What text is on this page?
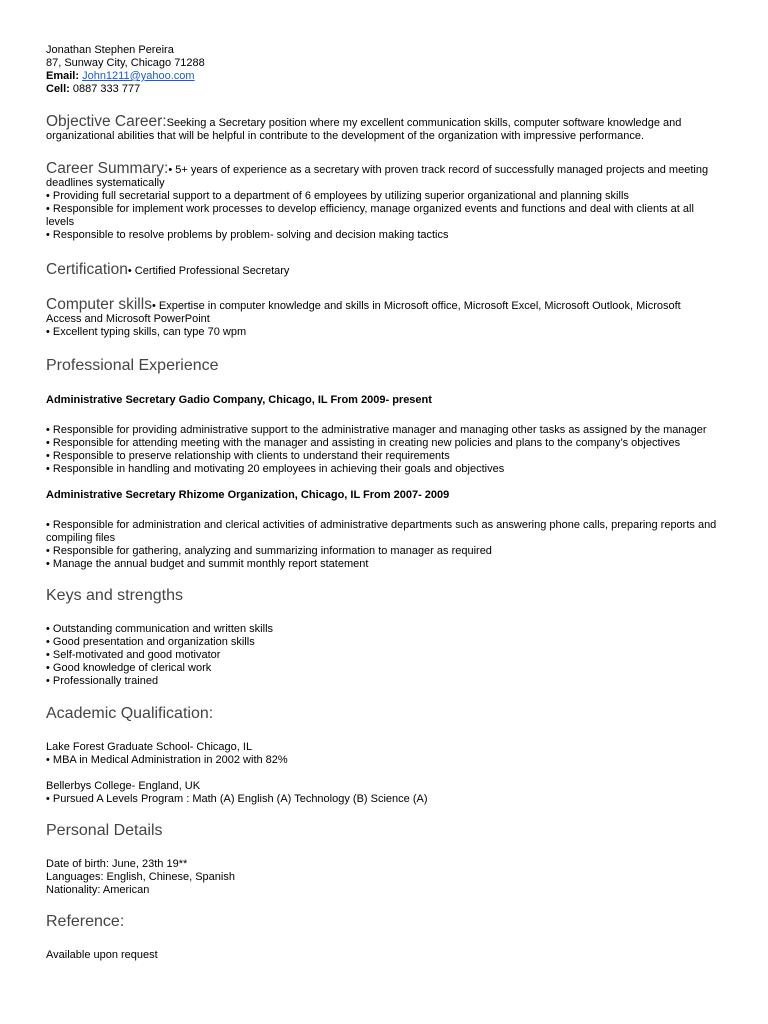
Jonathan Stephen Pereira
87, Sunway City, Chicago 71288
Email: John1211@yahoo.com
Cell: 0887 333 777
Objective Career:Seeking a Secretary position where my excellent communication skills, computer software knowledge and
organizational abilities that will be helpful in contribute to the development of the organization with impressive performance.
Career Summary:• 5+ years of experience as a secretary with proven track record of successfully managed projects and meeting
deadlines systematically
• Providing full secretarial support to a department of 6 employees by utilizing superior organizational and planning skills
• Responsible for implement work processes to develop efficiency, manage organized events and functions and deal with clients at all
levels
• Responsible to resolve problems by problem- solving and decision making tactics
Certification• Certified Professional Secretary
Computer skills• Expertise in computer knowledge and skills in Microsoft office, Microsoft Excel, Microsoft Outlook, Microsoft
Access and Microsoft PowerPoint
• Excellent typing skills, can type 70 wpm
Professional Experience
Administrative Secretary Gadio Company, Chicago, IL From 2009- present
• Responsible for providing administrative support to the administrative manager and managing other tasks as assigned by the manager
• Responsible for attending meeting with the manager and assisting in creating new policies and plans to the company’s objectives
• Responsible to preserve relationship with clients to understand their requirements
• Responsible in handling and motivating 20 employees in achieving their goals and objectives
Administrative Secretary Rhizome Organization, Chicago, IL From 2007- 2009
• Responsible for administration and clerical activities of administrative departments such as answering phone calls, preparing reports and
compiling files
• Responsible for gathering, analyzing and summarizing information to manager as required
• Manage the annual budget and summit monthly report statement
Keys and strengths
• Outstanding communication and written skills
• Good presentation and organization skills
• Self-motivated and good motivator
• Good knowledge of clerical work
• Professionally trained
Academic Qualification:
Lake Forest Graduate School- Chicago, IL
• MBA in Medical Administration in 2002 with 82%
Bellerbys College- England, UK
• Pursued A Levels Program : Math (A) English (A) Technology (B) Science (A)
Personal Details
Date of birth: June, 23th 19**
Languages: English, Chinese, Spanish
Nationality: American
Reference:
Available upon request
